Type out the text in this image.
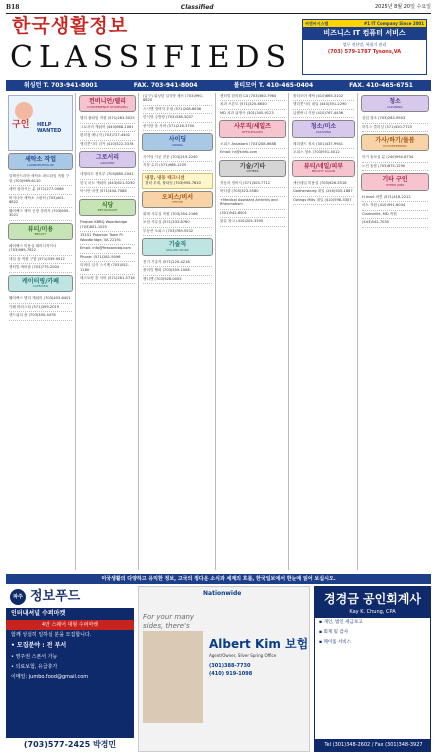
B18	Classified	2025년 8월 20일 수요일
한국생활정보
CLASSIFIEDS
씨엔씨시스템	#1 IT Company Since 2001
비즈니스 IT 컴퓨터 서비스
업무 전산망, 복합기 관리
(703) 579-1787 Tysons,VA
워싱턴 T. 703-941-8001	FAX. 703-941-8004	볼티모어 T. 410-465-0404	FAX. 410-465-6751
구인 HELP WANTED
세탁소 작업
LAUNDRY/PICK-UP
알렉산드리아 세탁소 파트타임 직원 구함 (703)969-6110
세탁 잘하시는 분 (571)277-0066
버지니아 세탁소 스팟터 (703)401-8822
훼어팩스 세탁 공장 경력자 (703)659-3021
뷰티/미용
BEAUTY
페어팩스 미용실 헤어디자이너 (703)989-7622
네일 숍 직원 구함 (571)339-0012
센터빌 바버숍 (703)775-2004
케이터링/카페
CAFE/DELI
훼어팩스 델리 캐쉬어 (703)403-6401
카페 바리스타 (571)399-2019
샌드위치 숍 (703)300-4478
컨비니언/델리
CONVENIENCE STORE/DELI
델리 풀타임 직원 (571)263-5025
그로서리 캐쉬어 (443)668-1061
편의점 매니저 (703)727-4402
엘리콧시티 리커 (410)522-3378
그로서리
GROCERY
대형마트 정육부 (703)880-2041
한국 마트 캐쉬어 (443)621-5250
아시안 마켓 (571)444-7088
식당
RESTAURANT
Firepan KBBQ Woodbridge (703)801-1025
15151 Potomac Town Pl. Woodbridge, VA 22191
Email: info@firepanbbq.com
Phone: (571)281-9096
리버티 일식 스시맨 (703)552-1180
레스토랑 홀 서버 (571)261-5716
(급구) 워싱턴 일식당 셰프 (703)990-6820
스시맨 경력자 우대 (571)208-6636
한식당 주방장 (703)338-3037
중식당 홀 서버 (571)216-3700
사이딩
SIDING
사이딩 시공 전문 (703)219-2240
지붕 수리 (571)988-1205
냉장, 냉동 테크니션
경력 우대, 풀타임 (703)955-7610
오피스/비서
OFFICE
회계 사무실 직원 (703)354-2166
보험 사무실 (571)333-8760
부동산 오피스 (703)789-5532
기술직
SKILLED WORK
전기 기술자 (571)220-4218
플러밍 헬퍼 (703)359-1008
핸디맨 (703)928-0003
센터빌 한의원 CA (703)360-7964
치과 프론트 (571)325-6630
MD 치과 위생사 (301)345-9123
사무직/세일즈
OFFICE/SALES
오피스 Assistant (703)208-6688
Email: hr@kinfo.com
기술/기타
OTHERS
자동차 정비사 (571)303-7712
바디샵 (703)323-5580
+Medical Assistant Arthritis and Rheumatism
(301)942-6001
물류 창고 (410)205-3390
볼티모어 세탁 (410)665-3102
엘리콧시티 네일 (443)391-2290
글렌버니 식당 (410)767-4436
청소/미소
CLEANING
메리랜드 청소 (301)437-9941
오피스 청소 (703)951-4012
뷰티/네일/피부
BEAUTY SALON
애난데일 미용실 (703)626-5518
Gaithersburg 네일 (240)505-1887
Owings Mills 네일 (410)598-3307
청소
CLEANING
상업 청소 (703)283-9903
하우스 클리닝 (571)420-7725
가사/하기/돌봄
HOUSEKEEPING
아기 돌보실 분 (240)994-6734
노인 돌봄 (703)675-1290
기타 구인
OTHER JOBS
H mart 파견 (571)418-2212
마트 직원 (410)991-6044
Clarksville, MD 직원
(443)542-7030
미국생활의 다양하고 유익한 정보, 고국의 정다운 소식과 세계의 흐름, 한국일보에서 한눈에 읽어 보십시오.
파주 정보푸드
인터내셔널 수퍼마켓
4만 스퀘어 대형 수퍼마켓
함께 성실히 일하실 분을 모집합니다.
• 모집분야 : 전 부서
• 영주권 스폰서 가능
• 의료보험, 유급휴가
이메일: jumbo.food@gmail.com
(703)577-2425 박경민
Nationwide
For your many sides, there's
Albert Kim 보험
Agent/Owner, Silver Spring Office
(301)388-7730
(410) 919-1098
경경금 공인회계사
Kay K. Chung, CPA
▪ 개인, 법인 세금보고
▪ 회계 및 감사
▪ 페이롤 서비스
Tel (301)348-2602 / Fax (301)348-3927
